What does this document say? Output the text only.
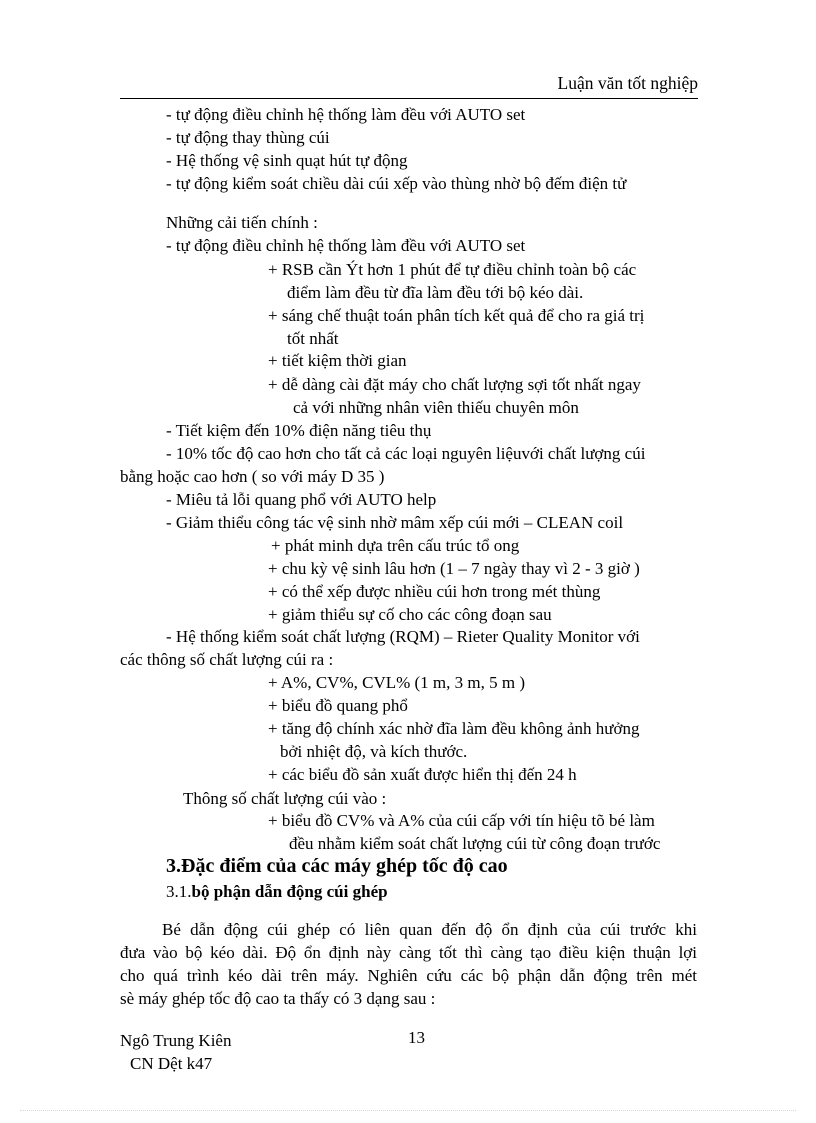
Luận văn tốt nghiệp
- tự động điều chỉnh hệ thống làm đều với AUTO set
- tự động thay thùng cúi
- Hệ thống vệ sinh quạt hút tự động
- tự động kiểm soát chiều dài cúi xếp vào thùng nhờ bộ đếm điện tử
Những cải tiến chính :
- tự động điều chỉnh hệ thống làm đều với AUTO set
+ RSB cần Ýt hơn 1 phút để tự điều chỉnh toàn bộ các
điểm làm đều từ đĩa làm đều tới bộ kéo dài.
+ sáng chế thuật toán phân tích kết quả để cho ra giá trị
tốt nhất
+ tiết kiệm thời gian
+ dễ dàng cài đặt máy cho chất lượng sợi tốt nhất ngay
cả với những nhân viên thiếu chuyên môn
- Tiết kiệm đến 10% điện năng tiêu thụ
- 10% tốc độ cao hơn cho tất cả các loại nguyên liệuvới chất lượng cúi
bằng hoặc cao hơn ( so với máy D 35 )
- Miêu tả lỗi quang phổ với AUTO help
- Giảm thiểu công tác vệ sinh nhờ mâm xếp cúi mới – CLEAN coil
+ phát minh dựa trên cấu trúc tổ ong
+ chu kỳ vệ sinh lâu hơn (1 – 7 ngày thay vì 2 - 3 giờ )
+ có thể xếp được nhiều cúi hơn trong mét thùng
+ giảm thiểu sự cố cho các công đoạn sau
- Hệ thống kiểm soát chất lượng (RQM) – Rieter Quality Monitor với
các thông số chất lượng cúi ra :
+ A%, CV%, CVL% (1 m, 3 m, 5 m )
+ biểu đồ quang phổ
+ tăng độ chính xác nhờ đĩa làm đều không ảnh hưởng
bởi nhiệt độ, và kích thước.
+ các biểu đồ sản xuất được hiển thị đến 24 h
Thông số chất lượng cúi vào :
+ biểu đồ CV% và A% của cúi cấp với tín hiệu tõ bé làm
đều nhằm kiểm soát chất lượng cúi từ công đoạn trước
3.Đặc điểm của các máy ghép tốc độ cao
3.1.bộ phận dẫn động cúi ghép
Bé dẫn động cúi ghép có liên quan đến độ ổn định của cúi trước khi
đưa vào bộ kéo dài. Độ ổn định này càng tốt thì càng tạo điều kiện thuận lợi
cho quá trình kéo dài trên máy. Nghiên cứu các bộ phận dẫn động trên mét
sè máy ghép tốc độ cao ta thấy có 3 dạng sau :
Ngô Trung Kiên	13
CN Dệt k47
